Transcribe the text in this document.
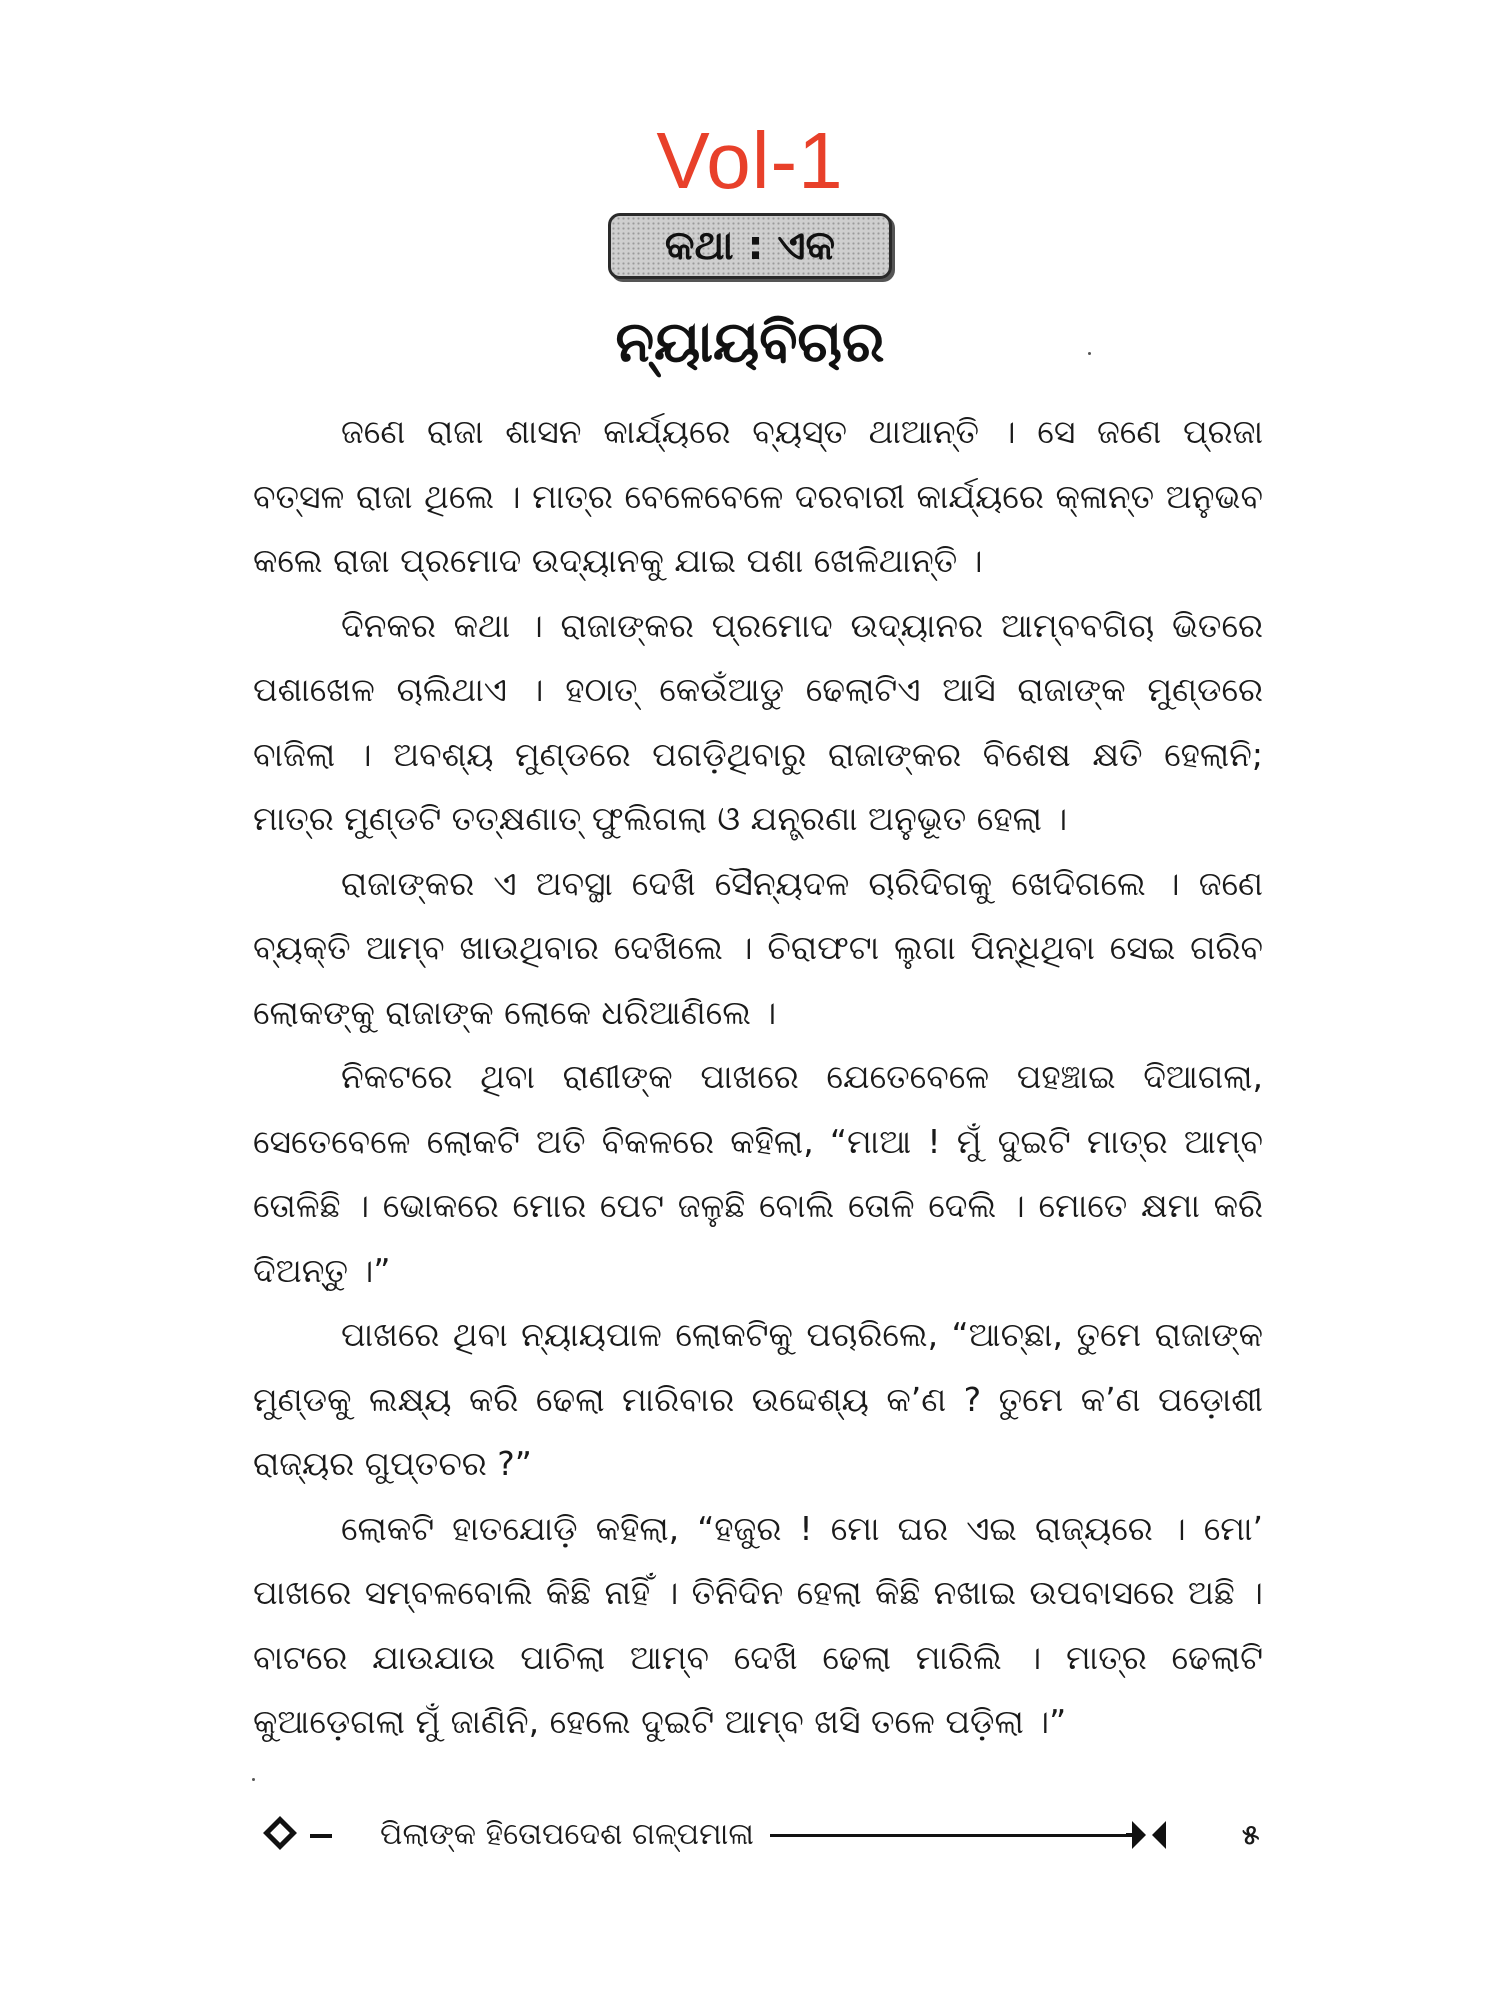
Vol-1
କଥା : ଏକ
ନ୍ୟାୟବିଚାର

ଜଣେ ରାଜା ଶାସନ କାର୍ଯ୍ୟରେ ବ୍ୟସ୍ତ ଥାଆନ୍ତି । ସେ ଜଣେ ପ୍ରଜା ବତ୍ସଳ ରାଜା ଥିଲେ । ମାତ୍ର ବେଳେବେଳେ ଦରବାରୀ କାର୍ଯ୍ୟରେ କ୍ଳାନ୍ତ ଅନୁଭବ କଲେ ରାଜା ପ୍ରମୋଦ ଉଦ୍ୟାନକୁ ଯାଇ ପଶା ଖେଳିଥାନ୍ତି ।

ଦିନକର କଥା । ରାଜାଙ୍କର ପ୍ରମୋଦ ଉଦ୍ୟାନର ଆମ୍ବବଗିଚା ଭିତରେ ପଶାଖେଳ ଚାଲିଥାଏ । ହଠାତ୍ କେଉଁଆଡୁ ଢେଲାଟିଏ ଆସି ରାଜାଙ୍କ ମୁଣ୍ଡରେ ବାଜିଲା । ଅବଶ୍ୟ ମୁଣ୍ଡରେ ପଗଡ଼ିଥିବାରୁ ରାଜାଙ୍କର ବିଶେଷ କ୍ଷତି ହେଲାନି; ମାତ୍ର ମୁଣ୍ଡଟି ତତ୍‌କ୍ଷଣାତ୍ ଫୁଲିଗଲା ଓ ଯନ୍ତ୍ରଣା ଅନୁଭୂତ ହେଲା ।

ରାଜାଙ୍କର ଏ ଅବସ୍ଥା ଦେଖି ସୈନ୍ୟଦଳ ଚାରିଦିଗକୁ ଖେଦିଗଲେ । ଜଣେ ବ୍ୟକ୍ତି ଆମ୍ବ ଖାଉଥିବାର ଦେଖିଲେ । ଚିରାଫଟା ଲୁଗା ପିନ୍ଧିଥିବା ସେଇ ଗରିବ ଲୋକଙ୍କୁ ରାଜାଙ୍କ ଲୋକେ ଧରିଆଣିଲେ ।

ନିକଟରେ ଥିବା ରାଣୀଙ୍କ ପାଖରେ ଯେତେବେଳେ ପହଞ୍ଚାଇ ଦିଆଗଲା, ସେତେବେଳେ ଲୋକଟି ଅତି ବିକଳରେ କହିଲା, “ମାଆ ! ମୁଁ ଦୁଇଟି ମାତ୍ର ଆମ୍ବ ତୋଳିଛି । ଭୋକରେ ମୋର ପେଟ ଜଳୁଛି ବୋଲି ତୋଳି ଦେଲି । ମୋତେ କ୍ଷମା କରି ଦିଅନ୍ତୁ ।”

ପାଖରେ ଥିବା ନ୍ୟାୟପାଳ ଲୋକଟିକୁ ପଚାରିଲେ, “ଆଚ୍ଛା, ତୁମେ ରାଜାଙ୍କ ମୁଣ୍ଡକୁ ଲକ୍ଷ୍ୟ କରି ଢେଲା ମାରିବାର ଉଦ୍ଦେଶ୍ୟ କ’ଣ ? ତୁମେ କ’ଣ ପଡ଼ୋଶୀ ରାଜ୍ୟର ଗୁପ୍ତଚର ?”

ଲୋକଟି ହାତଯୋଡ଼ି କହିଲା, “ହଜୁର ! ମୋ ଘର ଏଇ ରାଜ୍ୟରେ । ମୋ’ ପାଖରେ ସମ୍ବଳବୋଲି କିଛି ନାହିଁ । ତିନିଦିନ ହେଲା କିଛି ନଖାଇ ଉପବାସରେ ଅଛି । ବାଟରେ ଯାଉଯାଉ ପାଚିଲା ଆମ୍ବ ଦେଖି ଢେଲା ମାରିଲି । ମାତ୍ର ଢେଲାଟି କୁଆଡ଼େଗଲା ମୁଁ ଜାଣିନି, ହେଲେ ଦୁଇଟି ଆମ୍ବ ଖସି ତଳେ ପଡ଼ିଲା ।”

ପିଲାଙ୍କ ହିତୋପଦେଶ ଗଳ୍ପମାଳା	୫
